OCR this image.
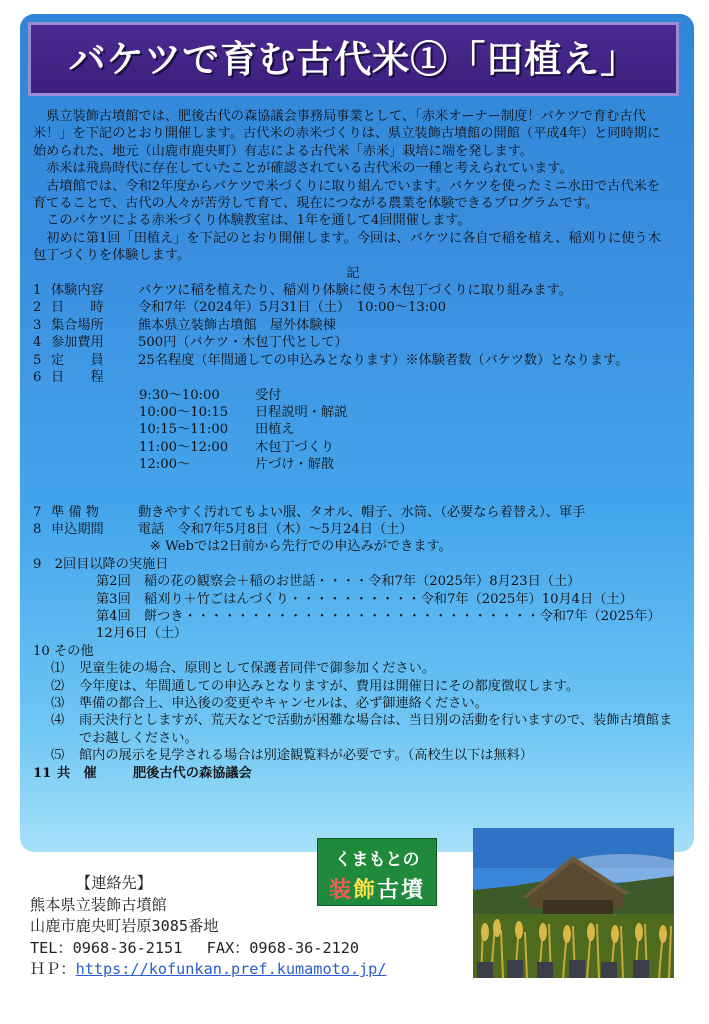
バケツで育む古代米①「田植え」

県立装飾古墳館では、肥後古代の森協議会事務局事業として、「赤米オーナー制度！バケツで育む古代米！」を下記のとおり開催します。古代米の赤米づくりは、県立装飾古墳館の開館（平成4年）と同時期に始められた、地元（山鹿市鹿央町）有志による古代米「赤米」栽培に端を発します。

赤米は飛鳥時代に存在していたことが確認されている古代米の一種と考えられています。

古墳館では、令和2年度からバケツで米づくりに取り組んでいます。バケツを使ったミニ水田で古代米を育てることで、古代の人々が苦労して育て、現在につながる農業を体験できるプログラムです。

このバケツによる赤米づくり体験教室は、1年を通して4回開催します。

初めに第1回「田植え」を下記のとおり開催します。今回は、バケツに各自で稲を植え、稲刈りに使う木包丁づくりを体験します。

記

1 体験内容	バケツに稲を植えたり、稲刈り体験に使う木包丁づくりに取り組みます。
2 日　　時	令和7年（2024年）5月31日（土）　10:00～13:00
3 集合場所	熊本県立装飾古墳館　屋外体験棟
4 参加費用	500円（バケツ・木包丁代として）
5 定　　員	25名程度（年間通しての申込みとなります）※体験者数（バケツ数）となります。
6 日　　程
9:30～10:00	受付
10:00～10:15	日程説明・解説
10:15～11:00	田植え
11:00～12:00	木包丁づくり
12:00～	片づけ・解散
7 準 備 物	動きやすく汚れてもよい服、タオル、帽子、水筒、（必要なら着替え）、軍手
8 申込期間	電話　令和7年5月8日（木）～5月24日（土）

※ Webでは2日前から先行での申込みができます。

9　2回目以降の実施日

第2回　 稲の花の観察会＋稲のお世話・・・・令和7年（2025年）8月23日（土）
第3回　 稲刈り＋竹ごはんづくり・・・・・・・・・・令和7年（2025年）10月4日（土）
第4回　 餅つき・・・・・・・・・・・・・・・・・・・・・・・・・・・令和7年（2025年）12月6日（土）

10 その他

⑴	児童生徒の場合、原則として保護者同伴で御参加ください。
⑵	今年度は、年間通しての申込みとなりますが、費用は開催日にその都度徴収します。
⑶	準備の都合上、申込後の変更やキャンセルは、必ず御連絡ください。
⑷	雨天決行としますが、荒天などで活動が困難な場合は、当日別の活動を行いますので、装飾古墳館までお越しください。
⑸	館内の展示を見学される場合は別途観覧料が必要です。（高校生以下は無料）
11 共　催	肥後古代の森協議会
くまもとの
装飾古墳
【連絡先】
熊本県立装飾古墳館
山鹿市鹿央町岩原3085番地
TEL：0968-36-2151　 FAX：0968-36-2120
ＨＰ：https://kofunkan.pref.kumamoto.jp/
